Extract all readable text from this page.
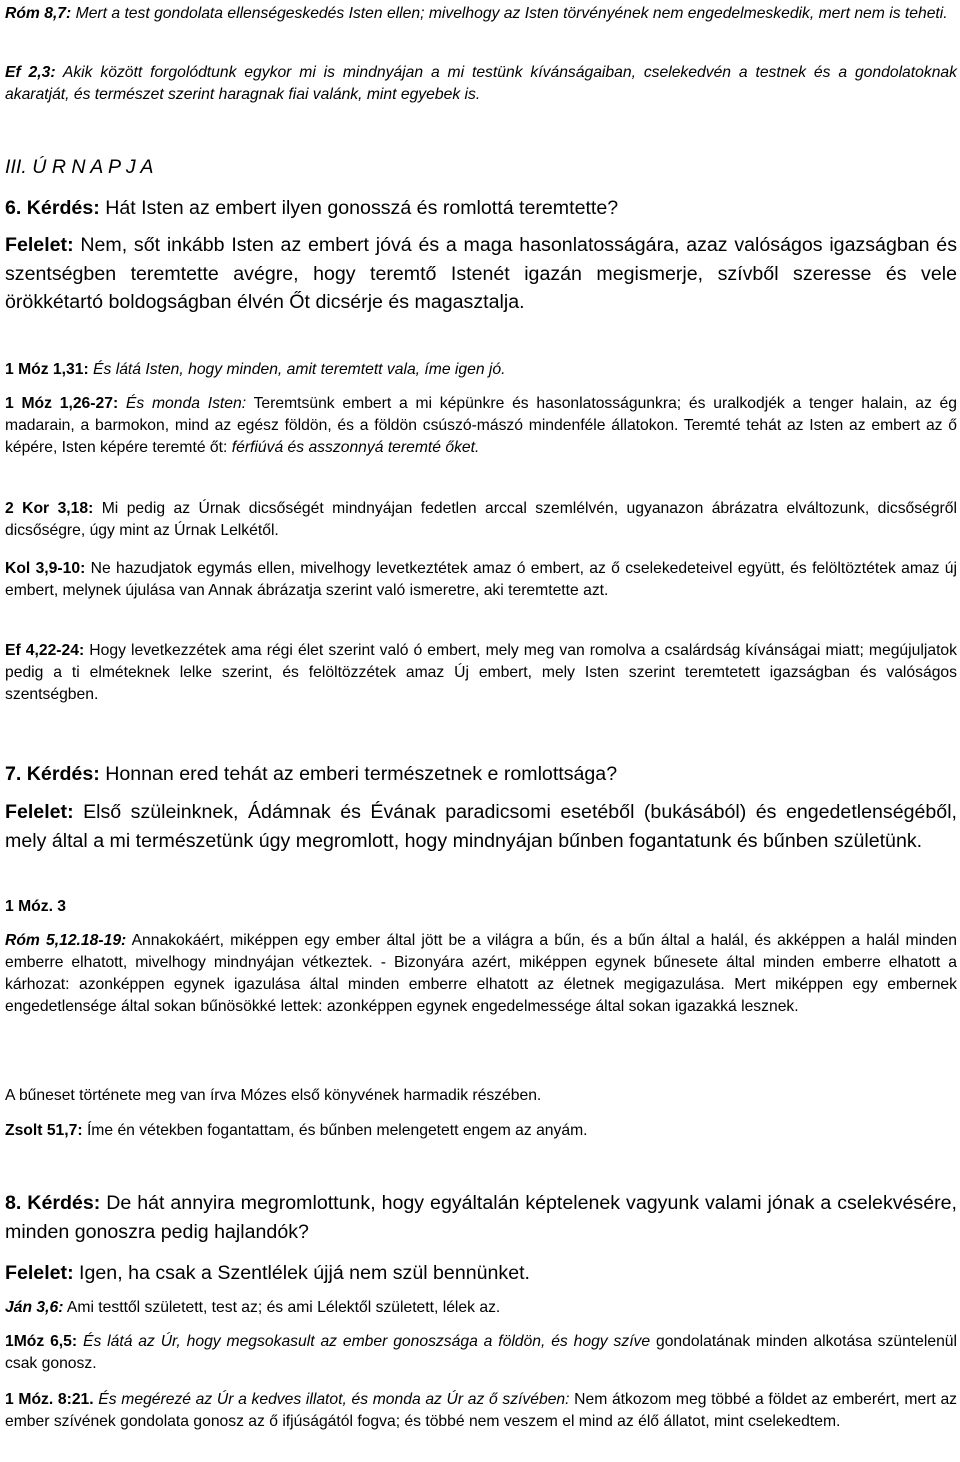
Róm 8,7: Mert a test gondolata ellenségeskedés Isten ellen; mivelhogy az Isten törvényének nem engedelmeskedik, mert nem is teheti.

Ef 2,3: Akik között forgolódtunk egykor mi is mindnyájan a mi testünk kívánságaiban, cselekedvén a testnek és a gondolatoknak akaratját, és természet szerint haragnak fiai valánk, mint egyebek is.

III. Ú R N A P J A
6. Kérdés: Hát Isten az embert ilyen gonosszá és romlottá teremtette?

Felelet: Nem, sőt inkább Isten az embert jóvá és a maga hasonlatosságára, azaz valóságos igazságban és szentségben teremtette avégre, hogy teremtő Istenét igazán megismerje, szívből szeresse és vele örökkétartó boldogságban élvén Őt dicsérje és magasztalja.

1 Móz 1,31: És látá Isten, hogy minden, amit teremtett vala, íme igen jó.

1 Móz 1,26-27: És monda Isten: Teremtsünk embert a mi képünkre és hasonlatosságunkra; és uralkodjék a tenger halain, az ég madarain, a barmokon, mind az egész földön, és a földön csúszó-mászó mindenféle állatokon. Teremté tehát az Isten az embert az ő képére, Isten képére teremté őt: férfiúvá és asszonnyá teremté őket.

2 Kor 3,18: Mi pedig az Úrnak dicsőségét mindnyájan fedetlen arccal szemlélvén, ugyanazon ábrázatra elváltozunk, dicsőségről dicsőségre, úgy mint az Úrnak Lelkétől.

Kol 3,9-10: Ne hazudjatok egymás ellen, mivelhogy levetkeztétek amaz ó embert, az ő cselekedeteivel együtt, és felöltöztétek amaz új embert, melynek újulása van Annak ábrázatja szerint való ismeretre, aki teremtette azt.

Ef 4,22-24: Hogy levetkezzétek ama régi élet szerint való ó embert, mely meg van romolva a csalárdság kívánságai miatt; megújuljatok pedig a ti elméteknek lelke szerint, és felöltözzétek amaz Új embert, mely Isten szerint teremtetett igazságban és valóságos szentségben.

7. Kérdés: Honnan ered tehát az emberi természetnek e romlottsága?

Felelet: Első szüleinknek, Ádámnak és Évának paradicsomi esetéből (bukásából) és engedetlenségéből, mely által a mi természetünk úgy megromlott, hogy mindnyájan bűnben fogantatunk és bűnben születünk.

1 Móz. 3

Róm 5,12.18-19: Annakokáért, miképpen egy ember által jött be a világra a bűn, és a bűn által a halál, és akképpen a halál minden emberre elhatott, mivelhogy mindnyájan vétkeztek. - Bizonyára azért, miképpen egynek bűnesete által minden emberre elhatott a kárhozat: azonképpen egynek igazulása által minden emberre elhatott az életnek megigazulása. Mert miképpen egy embernek engedetlensége által sokan bűnösökké lettek: azonképpen egynek engedelmessége által sokan igazakká lesznek.

A bűneset története meg van írva Mózes első könyvének harmadik részében.

Zsolt 51,7: Íme én vétekben fogantattam, és bűnben melengetett engem az anyám.

8. Kérdés: De hát annyira megromlottunk, hogy egyáltalán képtelenek vagyunk valami jónak a cselekvésére, minden gonoszra pedig hajlandók?

Felelet: Igen, ha csak a Szentlélek újjá nem szül bennünket.

Ján 3,6: Ami testtől született, test az; és ami Lélektől született, lélek az.

1Móz 6,5: És látá az Úr, hogy megsokasult az ember gonoszsága a földön, és hogy szíve gondolatának minden alkotása szüntelenül csak gonosz.

1 Móz. 8:21. És megérezé az Úr a kedves illatot, és monda az Úr az ő szívében: Nem átkozom meg többé a földet az emberért, mert az ember szívének gondolata gonosz az ő ifjúságától fogva; és többé nem veszem el mind az élő állatot, mint cselekedtem.
